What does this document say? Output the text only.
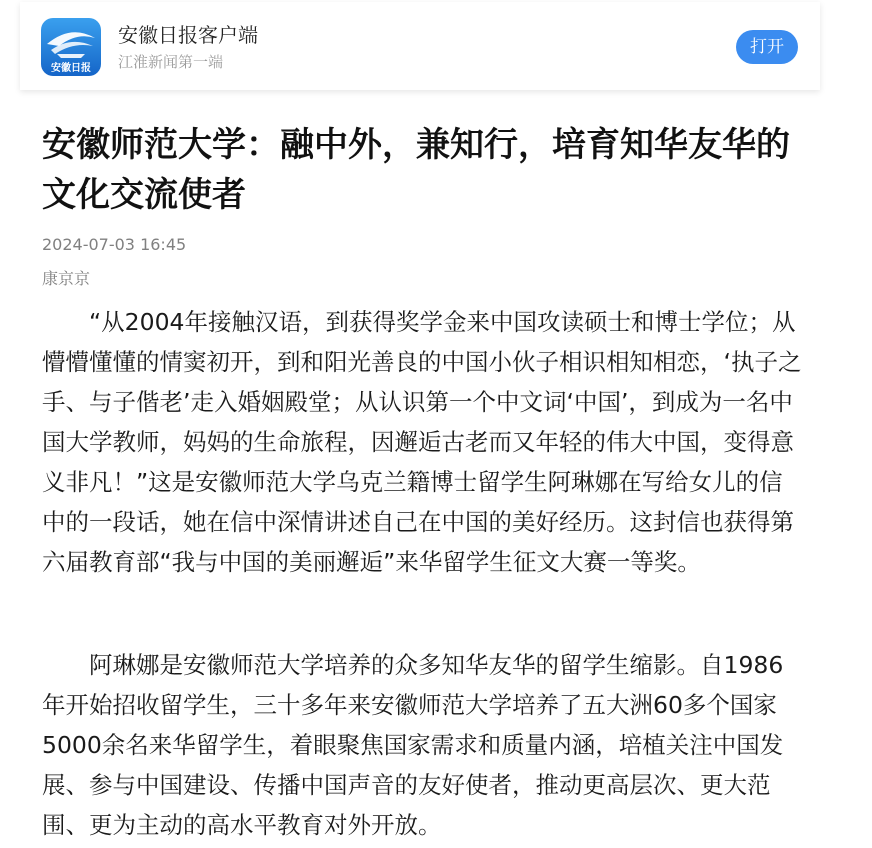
安徽日报
安徽日报客户端
江淮新闻第一端
打开
安徽师范大学：融中外，兼知行，培育知华友华的文化交流使者
2024-07-03 16:45
康京京

“从2004年接触汉语，到获得奖学金来中国攻读硕士和博士学位；从懵懵懂懂的情窦初开，到和阳光善良的中国小伙子相识相知相恋，‘执子之手、与子偕老’走入婚姻殿堂；从认识第一个中文词‘中国’，到成为一名中国大学教师，妈妈的生命旅程，因邂逅古老而又年轻的伟大中国，变得意义非凡！”这是安徽师范大学乌克兰籍博士留学生阿琳娜在写给女儿的信中的一段话，她在信中深情讲述自己在中国的美好经历。这封信也获得第六届教育部“我与中国的美丽邂逅”来华留学生征文大赛一等奖。

阿琳娜是安徽师范大学培养的众多知华友华的留学生缩影。自1986年开始招收留学生，三十多年来安徽师范大学培养了五大洲60多个国家5000余名来华留学生，着眼聚焦国家需求和质量内涵，培植关注中国发展、参与中国建设、传播中国声音的友好使者，推动更高层次、更大范围、更为主动的高水平教育对外开放。
